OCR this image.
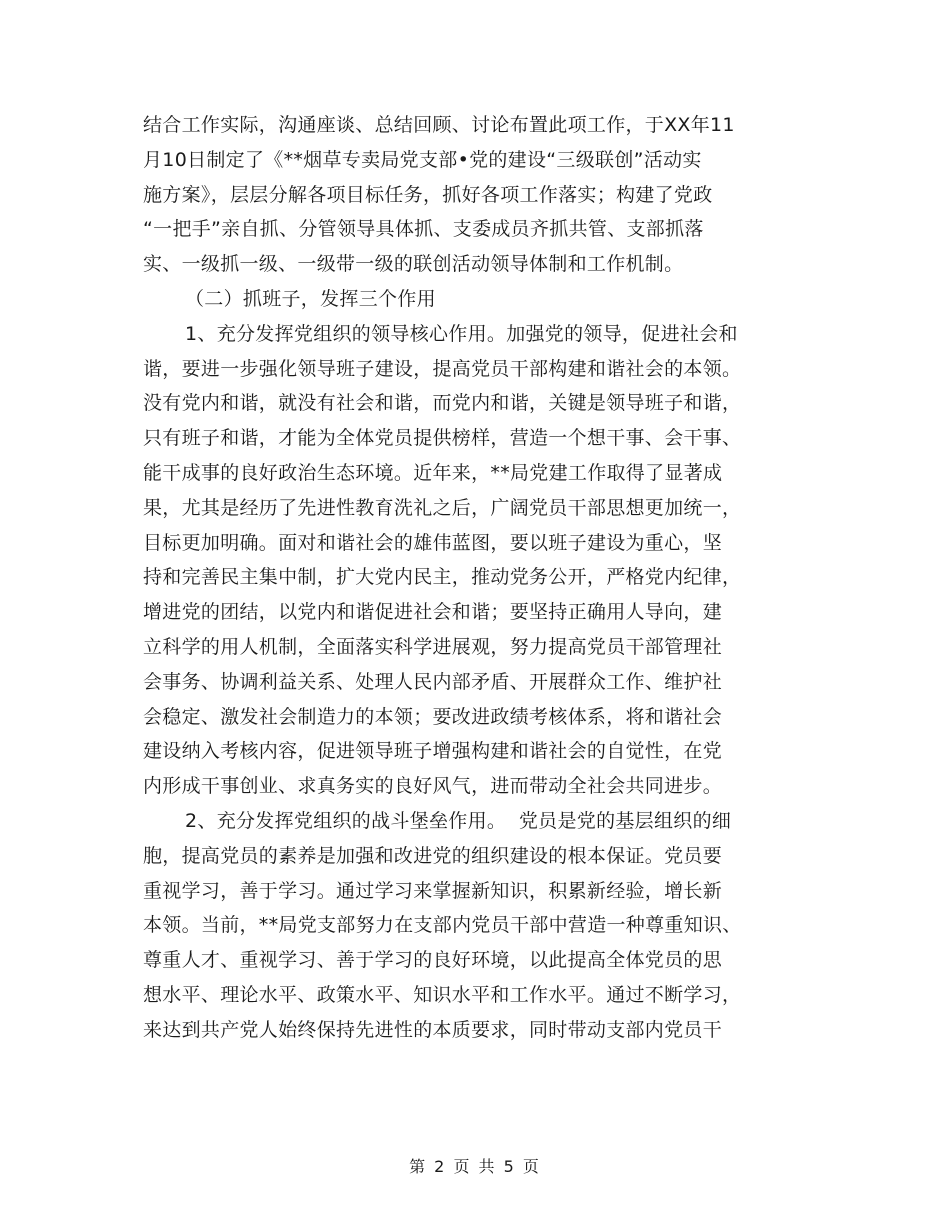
结合工作实际，沟通座谈、总结回顾、讨论布置此项工作，于XX年11
月10日制定了《**烟草专卖局党支部•党的建设“三级联创”活动实
施方案》，层层分解各项目标任务，抓好各项工作落实；构建了党政
“一把手”亲自抓、分管领导具体抓、支委成员齐抓共管、支部抓落
实、一级抓一级、一级带一级的联创活动领导体制和工作机制。
（二）抓班子，发挥三个作用
1、充分发挥党组织的领导核心作用。加强党的领导，促进社会和
谐，要进一步强化领导班子建设，提高党员干部构建和谐社会的本领。
没有党内和谐，就没有社会和谐，而党内和谐，关键是领导班子和谐，
只有班子和谐，才能为全体党员提供榜样，营造一个想干事、会干事、
能干成事的良好政治生态环境。近年来，**局党建工作取得了显著成
果，尤其是经历了先进性教育洗礼之后，广阔党员干部思想更加统一，
目标更加明确。面对和谐社会的雄伟蓝图，要以班子建设为重心，坚
持和完善民主集中制，扩大党内民主，推动党务公开，严格党内纪律，
增进党的团结，以党内和谐促进社会和谐；要坚持正确用人导向，建
立科学的用人机制，全面落实科学进展观，努力提高党员干部管理社
会事务、协调利益关系、处理人民内部矛盾、开展群众工作、维护社
会稳定、激发社会制造力的本领；要改进政绩考核体系，将和谐社会
建设纳入考核内容，促进领导班子增强构建和谐社会的自觉性，在党
内形成干事创业、求真务实的良好风气，进而带动全社会共同进步。
2、充分发挥党组织的战斗堡垒作用。  党员是党的基层组织的细
胞，提高党员的素养是加强和改进党的组织建设的根本保证。党员要
重视学习，善于学习。通过学习来掌握新知识，积累新经验，增长新
本领。当前，**局党支部努力在支部内党员干部中营造一种尊重知识、
尊重人才、重视学习、善于学习的良好环境，以此提高全体党员的思
想水平、理论水平、政策水平、知识水平和工作水平。通过不断学习，
来达到共产党人始终保持先进性的本质要求，同时带动支部内党员干
第 2 页 共 5 页
